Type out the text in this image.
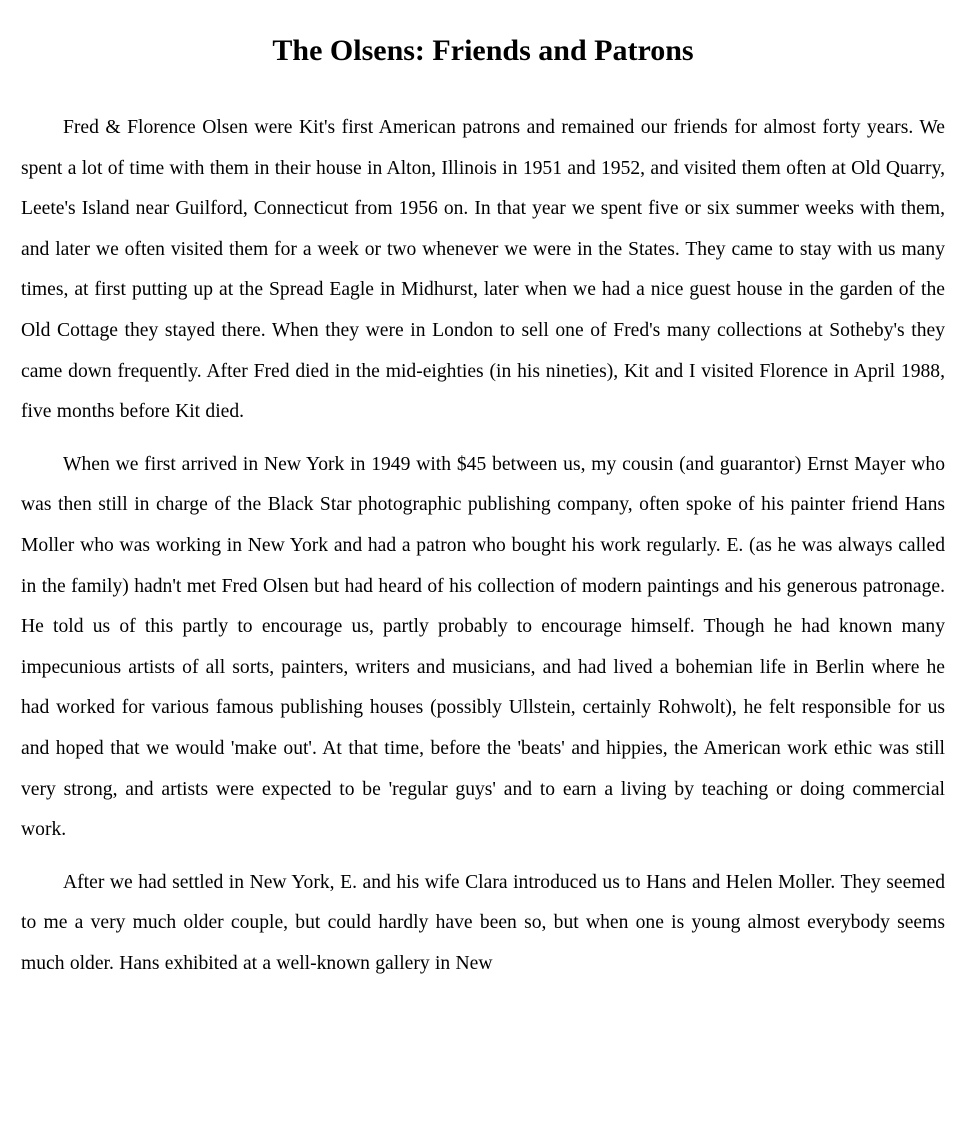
The Olsens: Friends and Patrons

Fred & Florence Olsen were Kit's first American patrons and remained our friends for almost forty years. We spent a lot of time with them in their house in Alton, Illinois in 1951 and 1952, and visited them often at Old Quarry, Leete's Island near Guilford, Connecticut from 1956 on. In that year we spent five or six summer weeks with them, and later we often visited them for a week or two whenever we were in the States. They came to stay with us many times, at first putting up at the Spread Eagle in Midhurst, later when we had a nice guest house in the garden of the Old Cottage they stayed there. When they were in London to sell one of Fred's many collections at Sotheby's they came down frequently. After Fred died in the mid-eighties (in his nineties), Kit and I visited Florence in April 1988, five months before Kit died.

When we first arrived in New York in 1949 with $45 between us, my cousin (and guarantor) Ernst Mayer who was then still in charge of the Black Star photographic publishing company, often spoke of his painter friend Hans Moller who was working in New York and had a patron who bought his work regularly. E. (as he was always called in the family) hadn't met Fred Olsen but had heard of his collection of modern paintings and his generous patronage. He told us of this partly to encourage us, partly probably to encourage himself. Though he had known many impecunious artists of all sorts, painters, writers and musicians, and had lived a bohemian life in Berlin where he had worked for various famous publishing houses (possibly Ullstein, certainly Rohwolt), he felt responsible for us and hoped that we would 'make out'. At that time, before the 'beats' and hippies, the American work ethic was still very strong, and artists were expected to be 'regular guys' and to earn a living by teaching or doing commercial work.

After we had settled in New York, E. and his wife Clara introduced us to Hans and Helen Moller. They seemed to me a very much older couple, but could hardly have been so, but when one is young almost everybody seems much older. Hans exhibited at a well-known gallery in New
